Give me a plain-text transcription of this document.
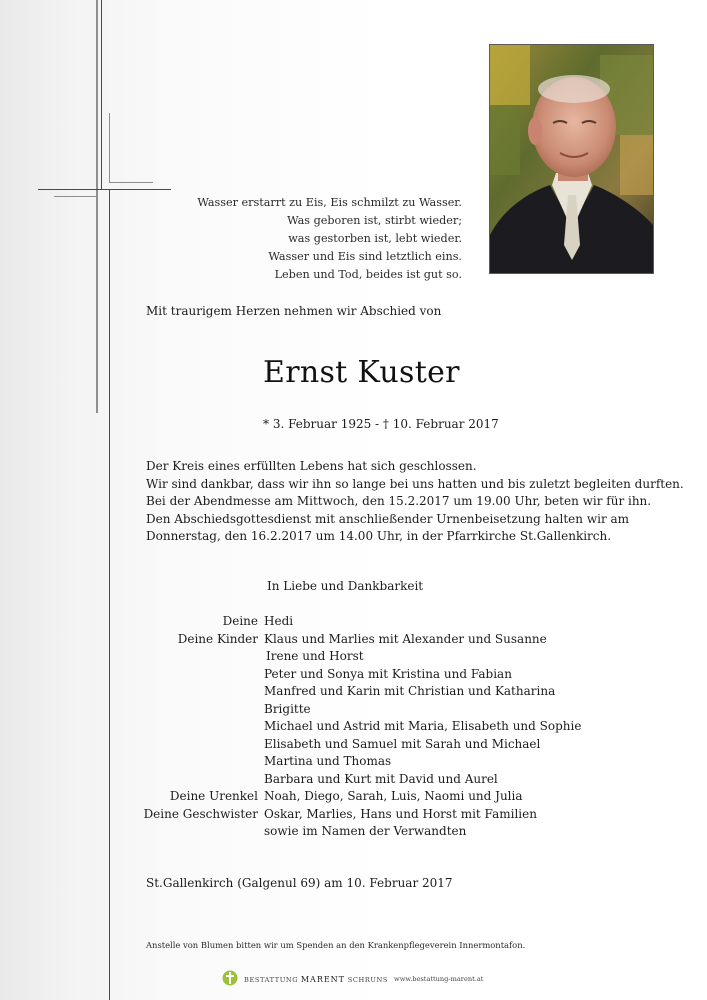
Wasser erstarrt zu Eis, Eis schmilzt zu Wasser.
Was geboren ist, stirbt wieder;
was gestorben ist, lebt wieder.
Wasser und Eis sind letztlich eins.
Leben und Tod, beides ist gut so.
Mit traurigem Herzen nehmen wir Abschied von
Ernst Kuster
* 3. Februar 1925 - † 10. Februar 2017
Der Kreis eines erfüllten Lebens hat sich geschlossen.
Wir sind dankbar, dass wir ihn so lange bei uns hatten und bis zuletzt begleiten durften.
Bei der Abendmesse am Mittwoch, den 15.2.2017 um 19.00 Uhr, beten wir für ihn.
Den Abschiedsgottesdienst mit anschließender Urnenbeisetzung halten wir am
Donnerstag, den 16.2.2017 um 14.00 Uhr, in der Pfarrkirche St.Gallenkirch.
In Liebe und Dankbarkeit
Deine Hedi
Deine Kinder Klaus und Marlies mit Alexander und Susanne
Irene und Horst
Peter und Sonya mit Kristina und Fabian
Manfred und Karin mit Christian und Katharina
Brigitte
Michael und Astrid mit Maria, Elisabeth und Sophie
Elisabeth und Samuel mit Sarah und Michael
Martina und Thomas
Barbara und Kurt mit David und Aurel
Deine Urenkel Noah, Diego, Sarah, Luis, Naomi und Julia
Deine Geschwister Oskar, Marlies, Hans und Horst mit Familien
sowie im Namen der Verwandten
St.Gallenkirch (Galgenul 69) am 10. Februar 2017
Anstelle von Blumen bitten wir um Spenden an den Krankenpflegeverein Innermontafon.
BESTATTUNG MARENT SCHRUNS www.bestattung-marent.at
